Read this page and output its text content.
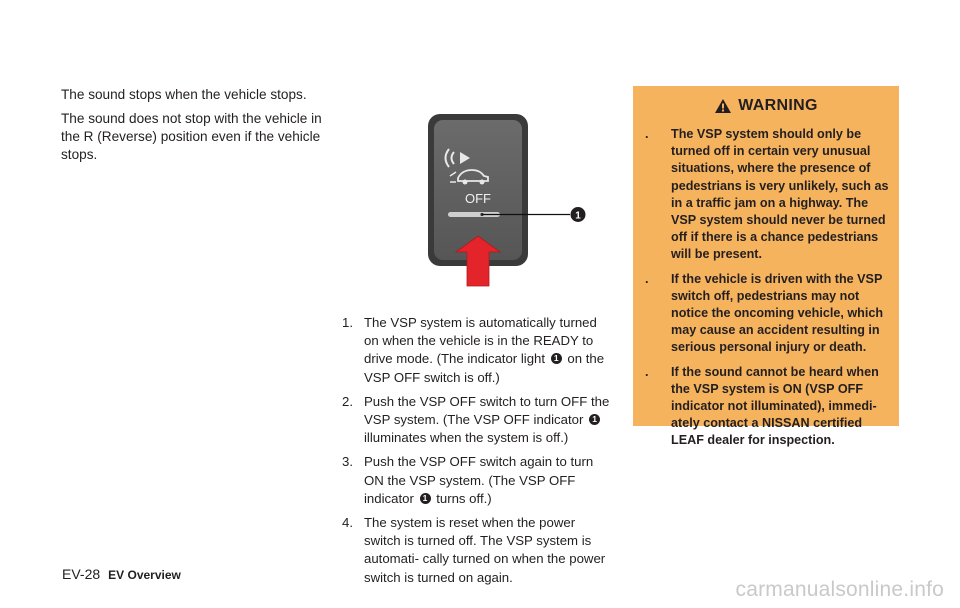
The sound stops when the vehicle stops.

The sound does not stop with the vehicle in the R (Reverse) position even if the vehicle stops.

OFF
1
1. The VSP system is automatically turned on when the vehicle is in the READY to drive mode. (The indicator light 1 on the VSP OFF switch is off.)
2. Push the VSP OFF switch to turn OFF the VSP system. (The VSP OFF indicator 1 illuminates when the system is off.)
3. Push the VSP OFF switch again to turn ON the VSP system. (The VSP OFF indicator 1 turns off.)
4. The system is reset when the power switch is turned off. The VSP system is automati- cally turned on when the power switch is turned on again.
WARNING
. The VSP system should only be turned off in certain very unusual situations, where the presence of pedestrians is very unlikely, such as in a traffic jam on a highway. The VSP system should never be turned off if there is a chance pedestrians will be present.
. If the vehicle is driven with the VSP switch off, pedestrians may not notice the oncoming vehicle, which may cause an accident resulting in serious personal injury or death.
. If the sound cannot be heard when the VSP system is ON (VSP OFF indicator not illuminated), immedi- ately contact a NISSAN certified LEAF dealer for inspection.
EV-28 EV Overview
carmanualsonline.info
